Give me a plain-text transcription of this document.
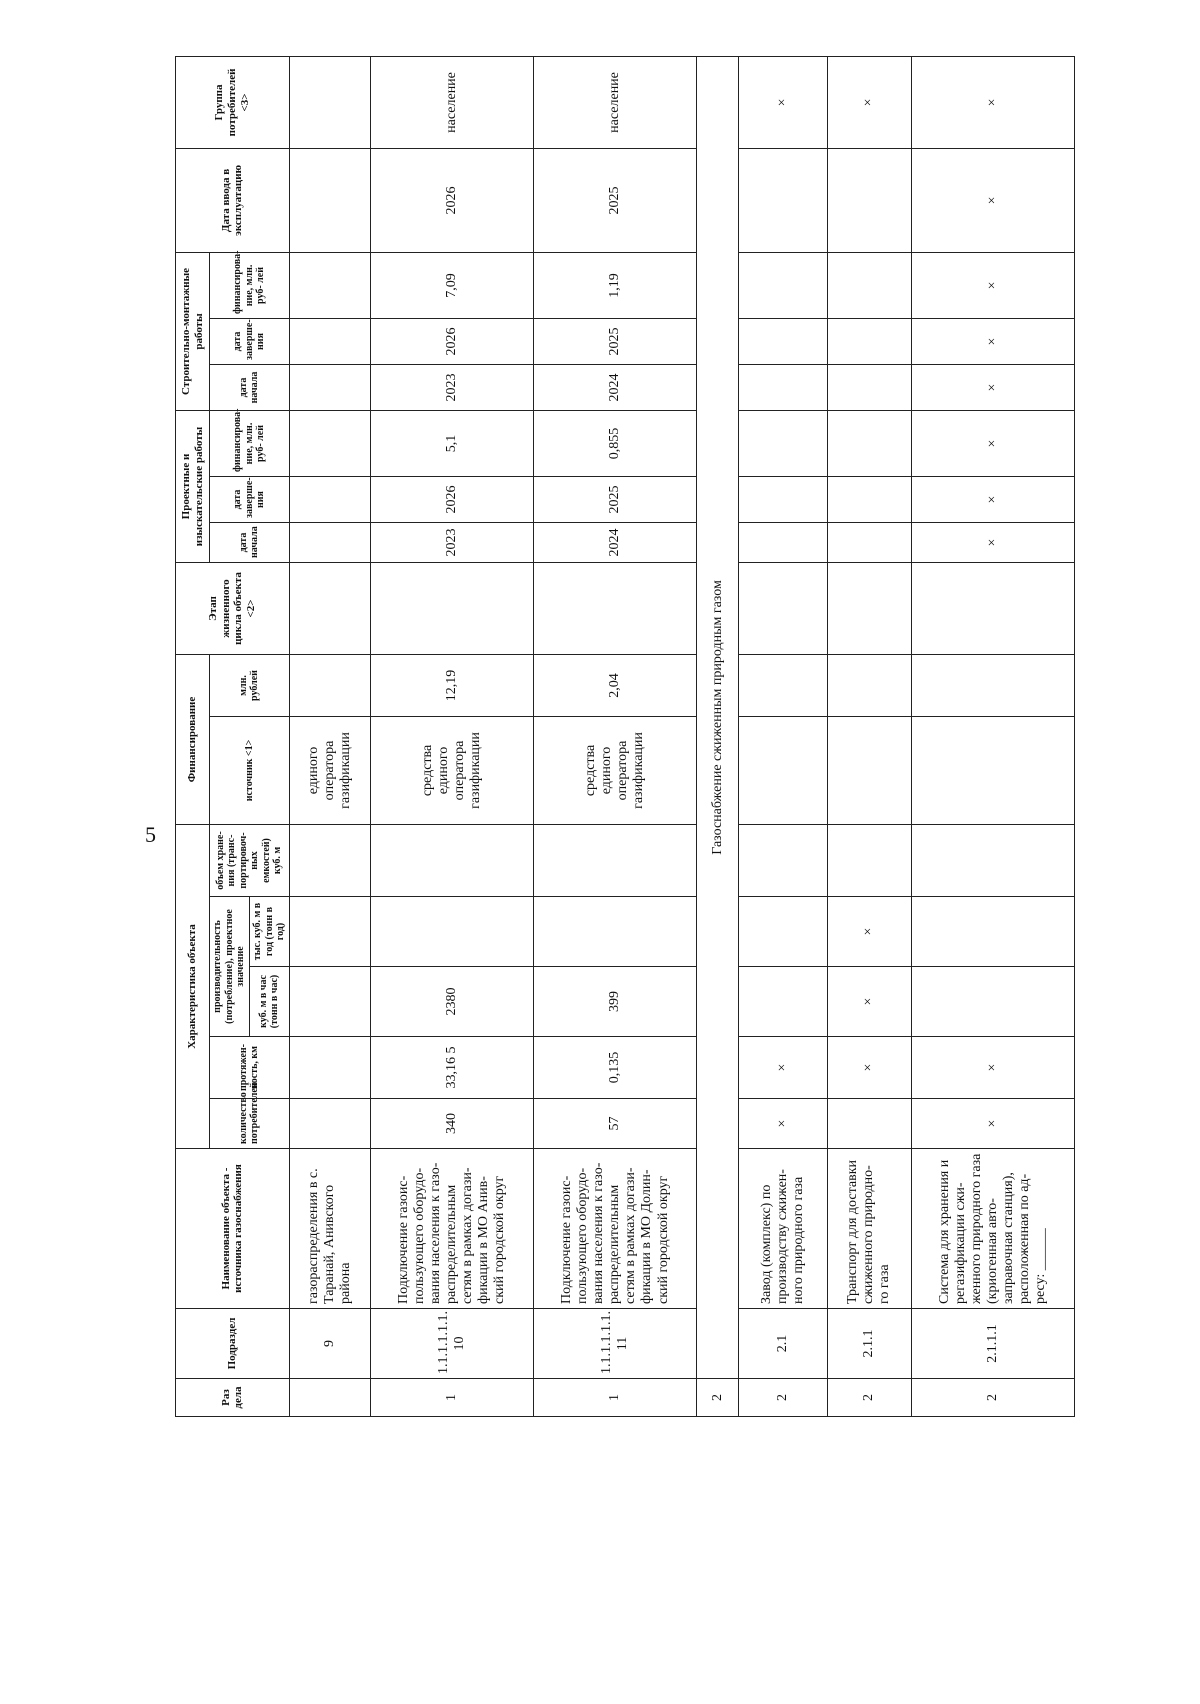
5
Раз дела	Подраздел	Наименование объекта - источника газоснабжения	Характеристика объекта					Финансирование		Этап жизненного цикла объекта <2>	Проектные и изыскательские работы			Строительно-монтажные работы			Дата ввода в эксплуатацию	Группа потребителей <3>
			количество потребителей	протяжен- ность, км	производительность (потребление), проектное значение		объем хране- ния (транс- портировоч- ных емкостей) куб. м	источник <1>	млн. рублей		дата начала	дата заверше- ния	финансирова- ние, млн. руб- лей	дата начала	дата заверше- ния	финансирова- ние, млн. руб- лей		
					куб. м в час (тонн в час)	тыс. куб. м в год (тонн в год)												
	9	газораспределения в с. Таранай, Анивского района						единого оператора газификации										
1	1.1.1.1.1.1. 10	Подключение газоис- пользующего оборудо- вания населения к газо- распределительным сетям в рамках догази- фикации в МО Анив- ский городской округ	340	33,16 5	2380			средства единого оператора газификации	12,19		2023	2026	5,1	2023	2026	7,09	2026	население
1	1.1.1.1.1.1. 11	Подключение газоис- пользующего оборудо- вания населения к газо- распределительным сетям в рамках догази- фикации в МО Долин- ский городской округ	57	0,135	399			средства единого оператора газификации	2,04		2024	2025	0,855	2024	2025	1,19	2025	население
2	Газоснабжение сжиженным природным газом																	
2	2.1	Завод (комплекс) по производству сжижен- ного природного газа	×	×														×
2	2.1.1	Транспорт для доставки сжиженного природно- го газа		×	×	×												×
2	2.1.1.1	Система для хранения и регазификации сжи- женного природного газа (криогенная авто- заправочная станция), расположенная по ад- ресу: ______	×	×							×	×	×	×	×	×	×	×
